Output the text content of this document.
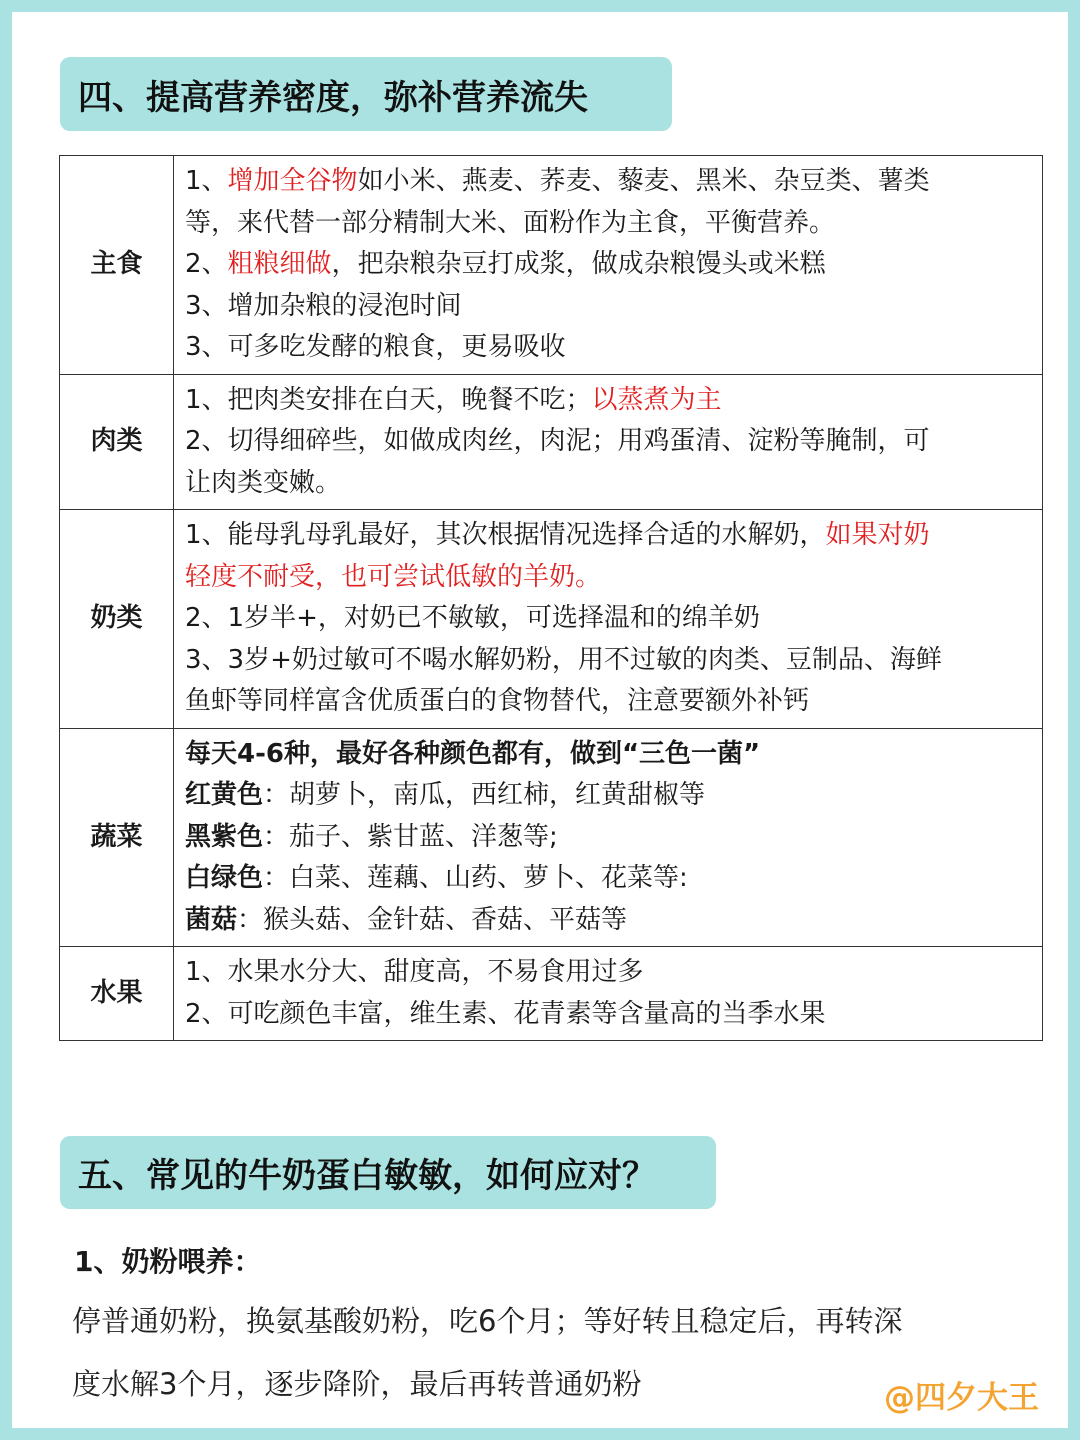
四、提高营养密度，弥补营养流失
主食	1、增加全谷物如小米、燕麦、荞麦、藜麦、黑米、杂豆类、薯类
等，来代替一部分精制大米、面粉作为主食，平衡营养。
2、粗粮细做，把杂粮杂豆打成浆，做成杂粮馒头或米糕
3、增加杂粮的浸泡时间
3、可多吃发酵的粮食，更易吸收

肉类	1、把肉类安排在白天，晚餐不吃；以蒸煮为主
2、切得细碎些，如做成肉丝，肉泥；用鸡蛋清、淀粉等腌制，可
让肉类变嫩。

奶类	1、能母乳母乳最好，其次根据情况选择合适的水解奶，如果对奶
轻度不耐受，也可尝试低敏的羊奶。
2、1岁半+，对奶已不敏敏，可选择温和的绵羊奶
3、3岁+奶过敏可不喝水解奶粉，用不过敏的肉类、豆制品、海鲜
鱼虾等同样富含优质蛋白的食物替代，注意要额外补钙

蔬菜	每天4-6种，最好各种颜色都有，做到“三色一菌”
红黄色：胡萝卜，南瓜，西红柿，红黄甜椒等
黑紫色：茄子、紫甘蓝、洋葱等;
白绿色：白菜、莲藕、山药、萝卜、花菜等:
菌菇：猴头菇、金针菇、香菇、平菇等

水果	1、水果水分大、甜度高，不易食用过多
2、可吃颜色丰富，维生素、花青素等含量高的当季水果
五、常见的牛奶蛋白敏敏，如何应对？
1、奶粉喂养：
停普通奶粉，换氨基酸奶粉，吃6个月；等好转且稳定后，再转深
度水解3个月，逐步降阶，最后再转普通奶粉	@四夕大王
